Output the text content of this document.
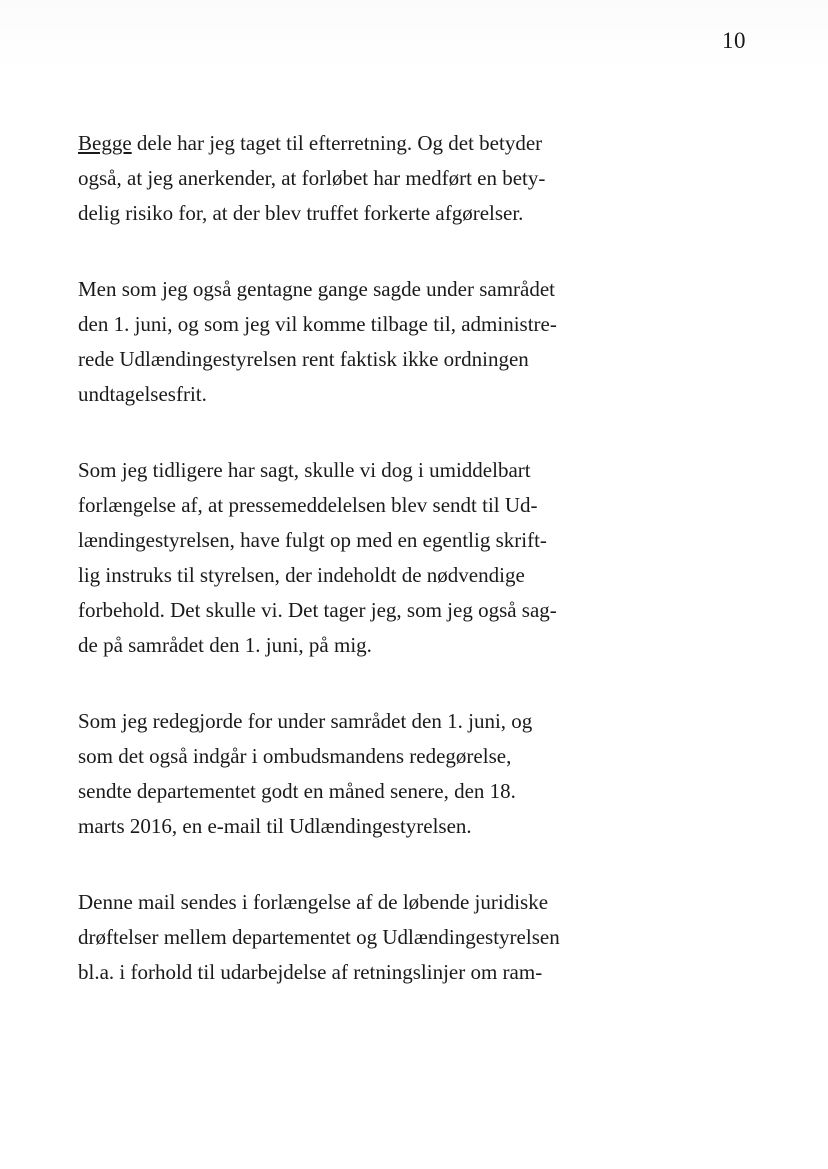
10

Begge dele har jeg taget til efterretning. Og det betyder
også, at jeg anerkender, at forløbet har medført en bety-
delig risiko for, at der blev truffet forkerte afgørelser.

Men som jeg også gentagne gange sagde under samrådet
den 1. juni, og som jeg vil komme tilbage til, administre-
rede Udlændingestyrelsen rent faktisk ikke ordningen
undtagelsesfrit.

Som jeg tidligere har sagt, skulle vi dog i umiddelbart
forlængelse af, at pressemeddelelsen blev sendt til Ud-
lændingestyrelsen, have fulgt op med en egentlig skrift-
lig instruks til styrelsen, der indeholdt de nødvendige
forbehold. Det skulle vi. Det tager jeg, som jeg også sag-
de på samrådet den 1. juni, på mig.

Som jeg redegjorde for under samrådet den 1. juni, og
som det også indgår i ombudsmandens redegørelse,
sendte departementet godt en måned senere, den 18.
marts 2016, en e-mail til Udlændingestyrelsen.

Denne mail sendes i forlængelse af de løbende juridiske
drøftelser mellem departementet og Udlændingestyrelsen
bl.a. i forhold til udarbejdelse af retningslinjer om ram-
